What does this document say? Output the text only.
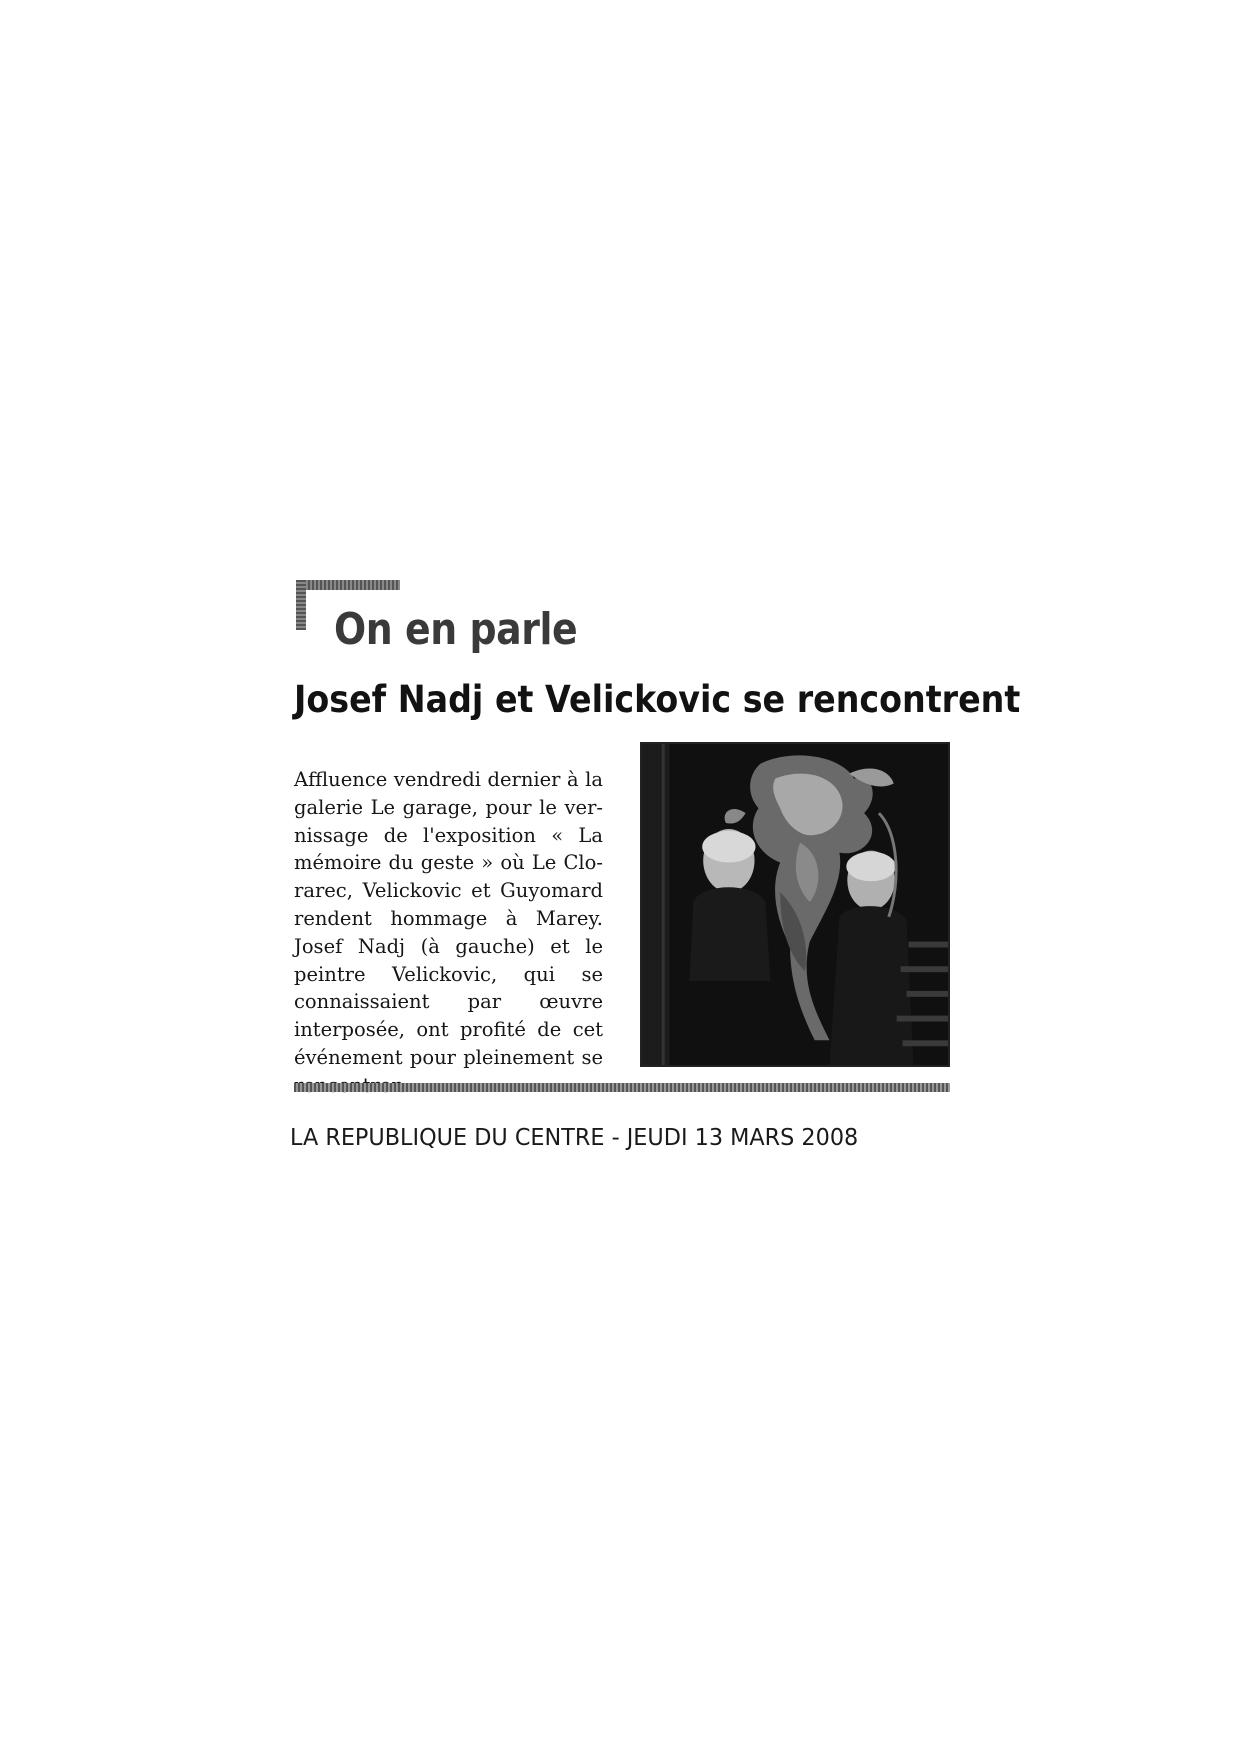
On en parle
Josef Nadj et Velickovic se rencontrent

Affluence vendredi dernier à la galerie Le garage, pour le vernissage de l'exposition « La mémoire du geste » où Le Clorarec, Velickovic et Guyomard rendent hommage à Marey. Josef Nadj (à gauche) et le peintre Velickovic, qui se connaissaient par œuvre interposée, ont profité de cet événement pour pleinement se

LA REPUBLIQUE DU CENTRE - JEUDI 13 MARS 2008
